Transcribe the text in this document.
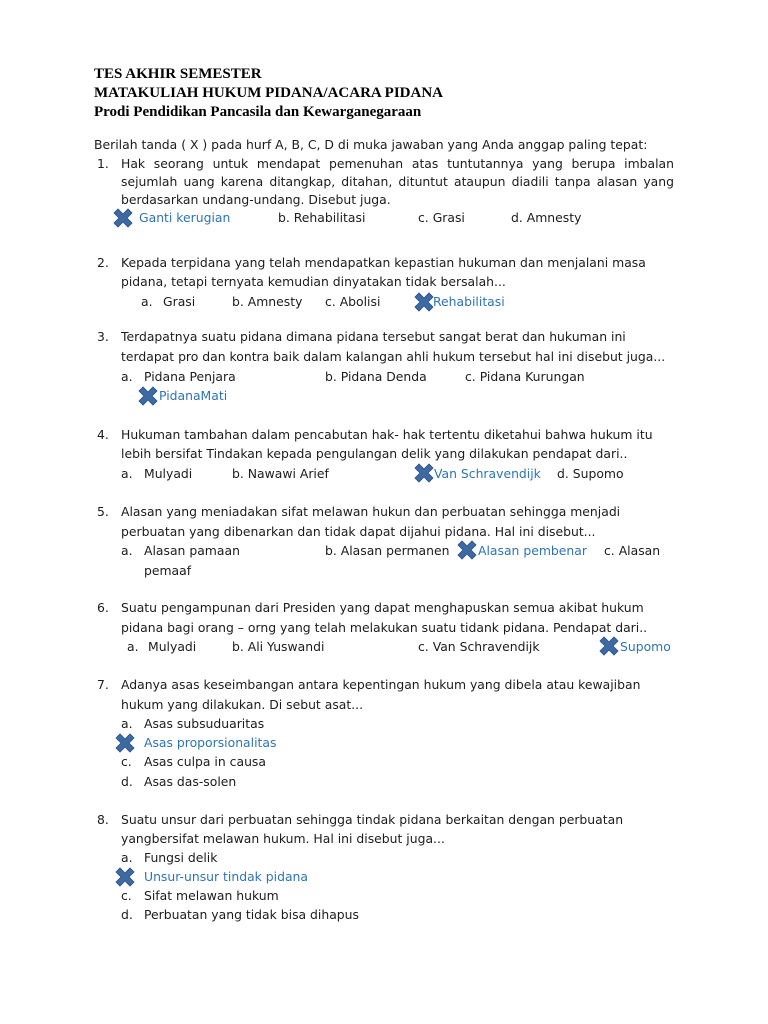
TES AKHIR SEMESTER
MATAKULIAH HUKUM PIDANA/ACARA PIDANA
Prodi Pendidikan Pancasila dan Kewarganegaraan
Berilah tanda ( X ) pada hurf A, B, C, D di muka jawaban yang Anda anggap paling tepat:
1. Hak seorang untuk mendapat pemenuhan atas tuntutannya yang berupa imbalan
sejumlah uang karena ditangkap, ditahan, dituntut ataupun diadili tanpa alasan yang
berdasarkan undang-undang. Disebut juga.
Ganti kerugian	b. Rehabilitasi	c. Grasi	d. Amnesty
2. Kepada terpidana yang telah mendapatkan kepastian hukuman dan menjalani masa
pidana, tetapi ternyata kemudian dinyatakan tidak bersalah...
a. Grasi	b. Amnesty c. Abolisi	Rehabilitasi
3. Terdapatnya suatu pidana dimana pidana tersebut sangat berat dan hukuman ini
terdapat pro dan kontra baik dalam kalangan ahli hukum tersebut hal ini disebut juga...
a. Pidana Penjara	b. Pidana Denda	c. Pidana Kurungan
PidanaMati
4. Hukuman tambahan dalam pencabutan hak- hak tertentu diketahui bahwa hukum itu
lebih bersifat Tindakan kepada pengulangan delik yang dilakukan pendapat dari..
a. Mulyadi	b. Nawawi Arief	Van Schravendijk d. Supomo
5. Alasan yang meniadakan sifat melawan hukun dan perbuatan sehingga menjadi
perbuatan yang dibenarkan dan tidak dapat dijahui pidana. Hal ini disebut...
a. Alasan pamaan	b. Alasan permanen Alasan pembenar c. Alasan
pemaaf
6. Suatu pengampunan dari Presiden yang dapat menghapuskan semua akibat hukum
pidana bagi orang – orng yang telah melakukan suatu tidank pidana. Pendapat dari..
a. Mulyadi	b. Ali Yuswandi	c. Van Schravendijk	Supomo
7. Adanya asas keseimbangan antara kepentingan hukum yang dibela atau kewajiban
hukum yang dilakukan. Di sebut asat...
a. Asas subsuduaritas
Asas proporsionalitas
c. Asas culpa in causa
d. Asas das-solen
8. Suatu unsur dari perbuatan sehingga tindak pidana berkaitan dengan perbuatan
yangbersifat melawan hukum. Hal ini disebut juga...
a. Fungsi delik
Unsur-unsur tindak pidana
c. Sifat melawan hukum
d. Perbuatan yang tidak bisa dihapus
